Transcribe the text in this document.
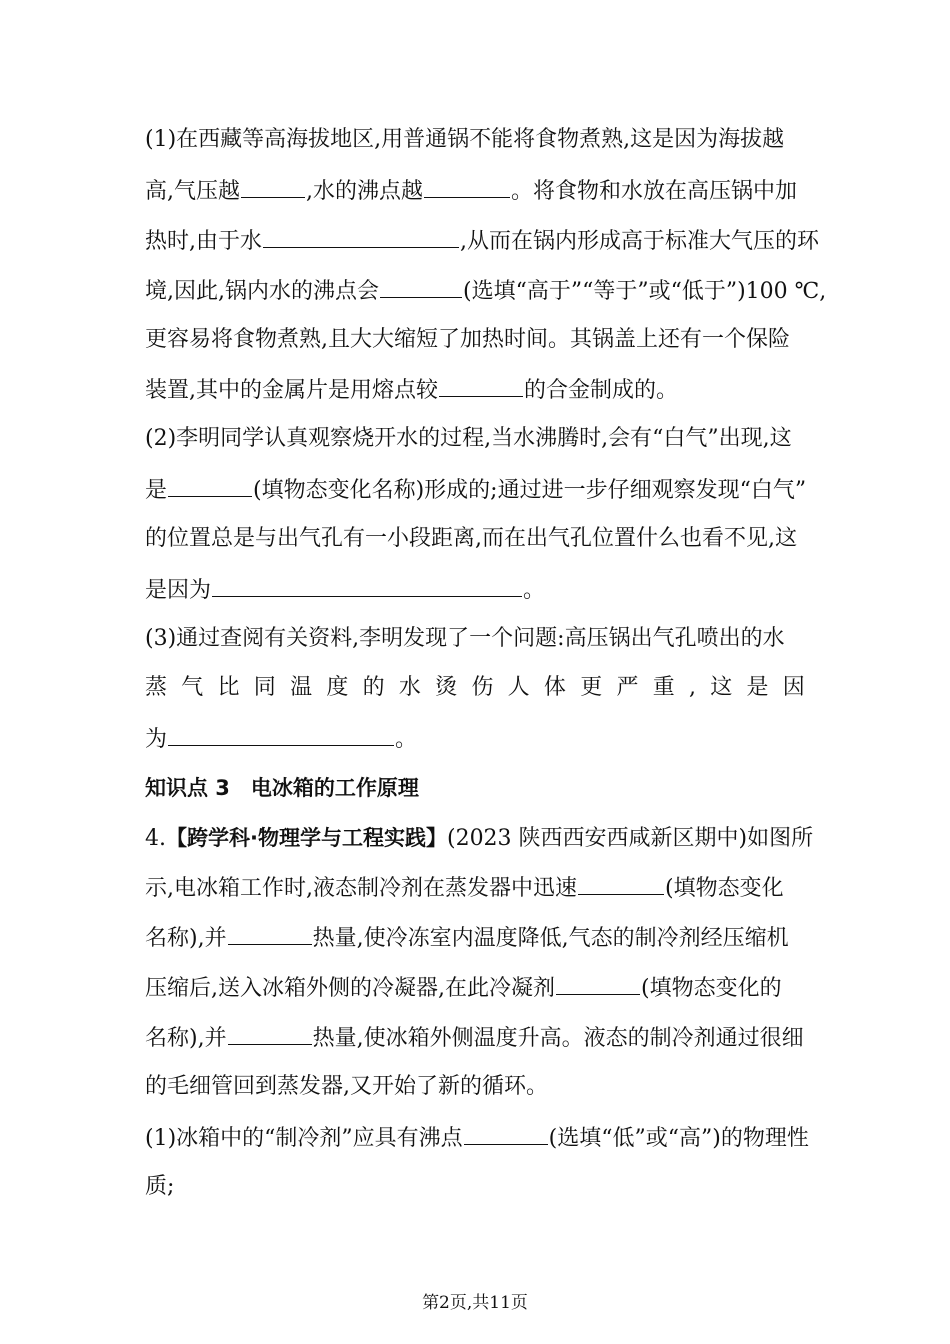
(1)在西藏等高海拔地区,用普通锅不能将食物煮熟,这是因为海拔越
高,气压越	,水的沸点越	。将食物和水放在高压锅中加
热时,由于水	,从而在锅内形成高于标准大气压的环
境,因此,锅内水的沸点会	(选填“高于”“等于”或“低于”)100 ℃,
更容易将食物煮熟,且大大缩短了加热时间。其锅盖上还有一个保险
装置,其中的金属片是用熔点较	的合金制成的。
(2)李明同学认真观察烧开水的过程,当水沸腾时,会有“白气”出现,这
是	(填物态变化名称)形成的;通过进一步仔细观察发现“白气”
的位置总是与出气孔有一小段距离,而在出气孔位置什么也看不见,这
是因为	。
(3)通过查阅有关资料,李明发现了一个问题:高压锅出气孔喷出的水
蒸 气 比 同 温 度 的 水 烫 伤 人 体 更 严 重 , 这 是 因
为	。
知识点 3　电冰箱的工作原理
4.【跨学科·物理学与工程实践】(2023 陕西西安西咸新区期中)如图所
示,电冰箱工作时,液态制冷剂在蒸发器中迅速	(填物态变化
名称),并	热量,使冷冻室内温度降低,气态的制冷剂经压缩机
压缩后,送入冰箱外侧的冷凝器,在此冷凝剂	(填物态变化的
名称),并	热量,使冰箱外侧温度升高。液态的制冷剂通过很细
的毛细管回到蒸发器,又开始了新的循环。
(1)冰箱中的“制冷剂”应具有沸点	(选填“低”或“高”)的物理性
质;
第2页,共11页
